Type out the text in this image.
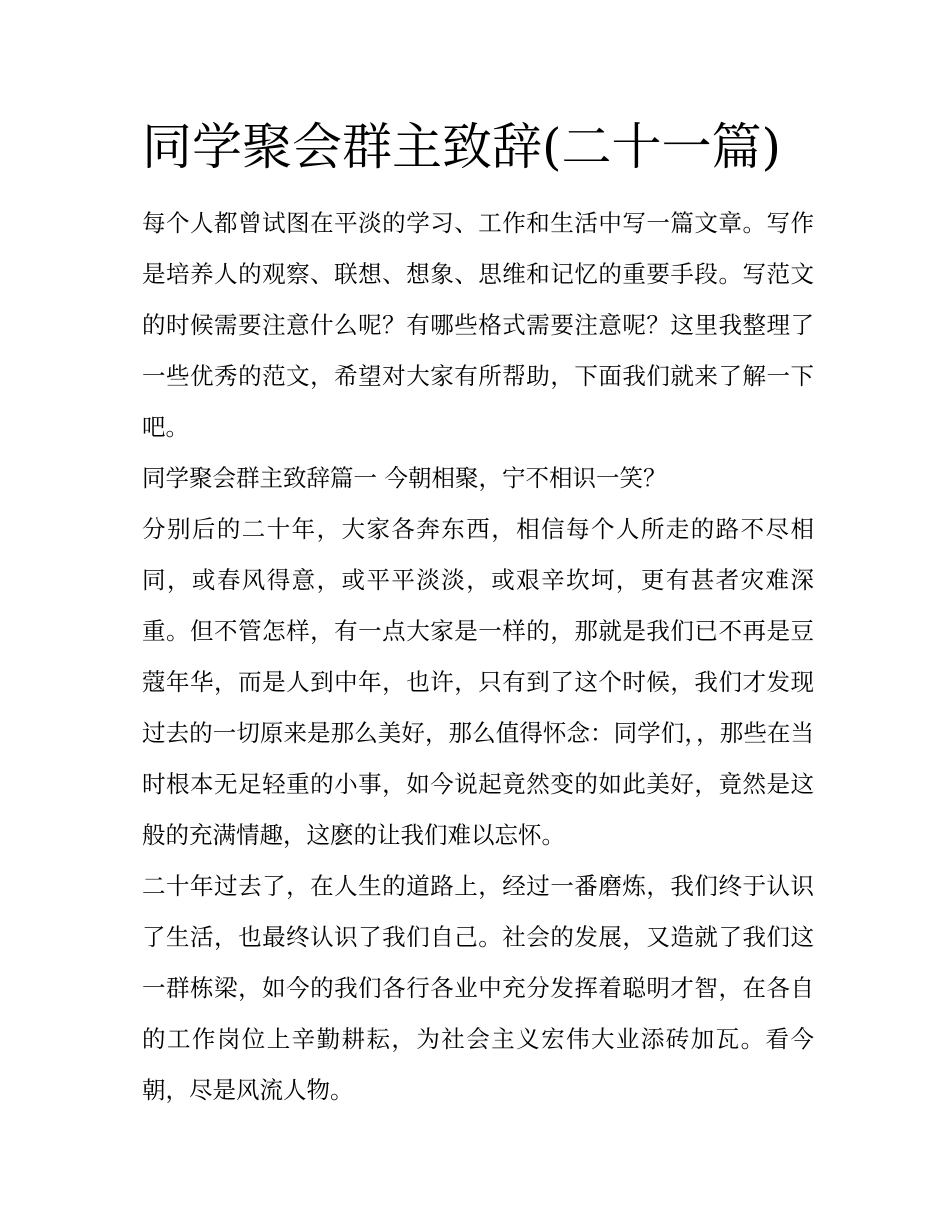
同学聚会群主致辞(二十一篇)

每个人都曾试图在平淡的学习、工作和生活中写一篇文章。写作是培养人的观察、联想、想象、思维和记忆的重要手段。写范文的时候需要注意什么呢？有哪些格式需要注意呢？这里我整理了一些优秀的范文，希望对大家有所帮助，下面我们就来了解一下吧。

同学聚会群主致辞篇一 今朝相聚，宁不相识一笑？

分别后的二十年，大家各奔东西，相信每个人所走的路不尽相同，或春风得意，或平平淡淡，或艰辛坎坷，更有甚者灾难深重。但不管怎样，有一点大家是一样的，那就是我们已不再是豆蔻年华，而是人到中年，也许，只有到了这个时候，我们才发现过去的一切原来是那么美好，那么值得怀念：同学们，，那些在当时根本无足轻重的小事，如今说起竟然变的如此美好，竟然是这般的充满情趣，这麽的让我们难以忘怀。

二十年过去了，在人生的道路上，经过一番磨炼，我们终于认识了生活，也最终认识了我们自己。社会的发展，又造就了我们这一群栋梁，如今的我们各行各业中充分发挥着聪明才智，在各自的工作岗位上辛勤耕耘，为社会主义宏伟大业添砖加瓦。看今朝，尽是风流人物。
